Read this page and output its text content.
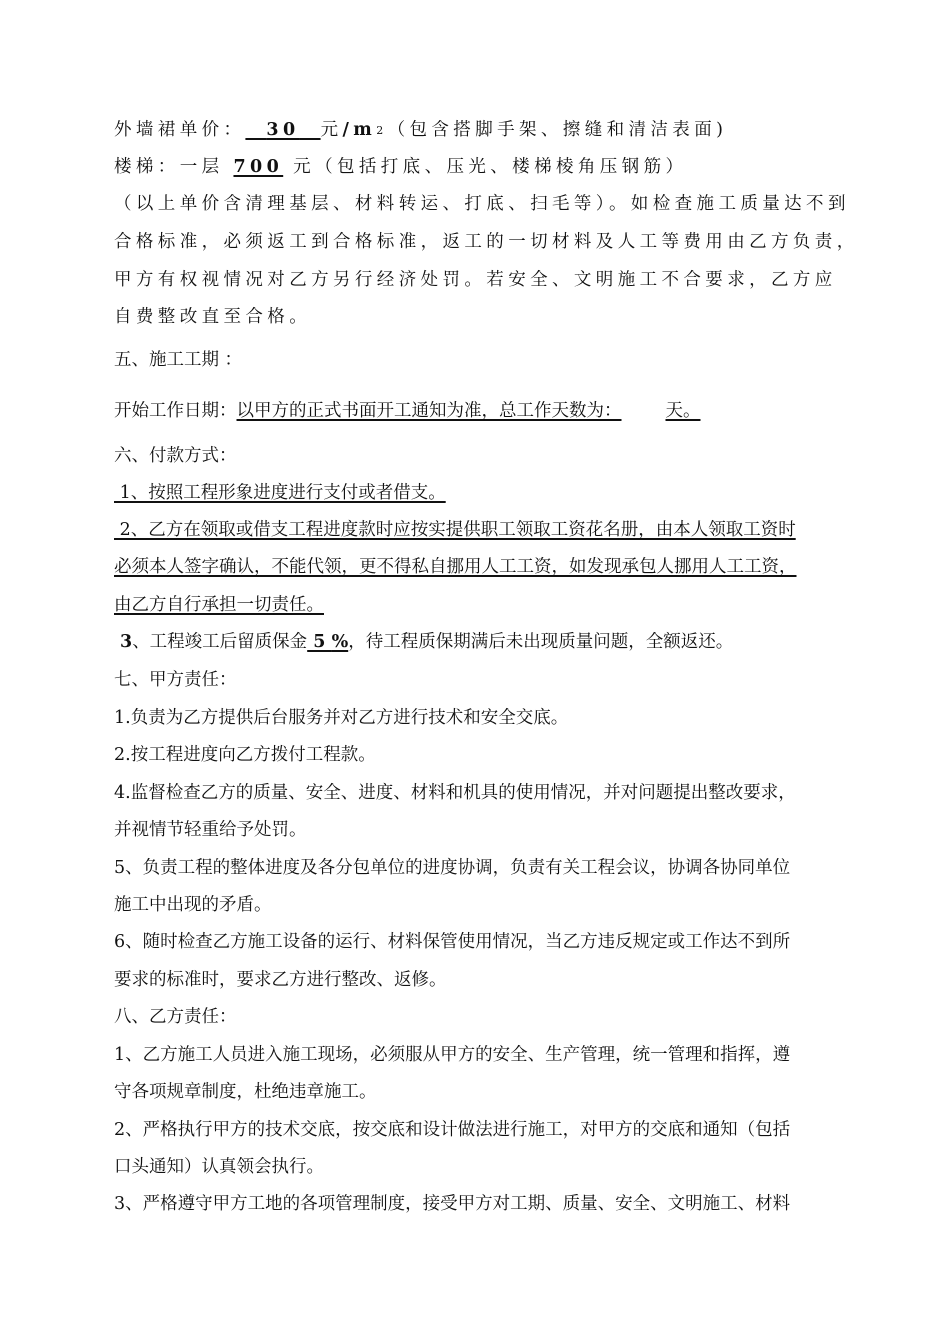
外墙裙单价： 30 元/m2（包含搭脚手架、擦缝和清洁表面)
楼梯：一层 700 元（包括打底、压光、楼梯棱角压钢筋）
（以上单价含清理基层、材料转运、打底、扫毛等）。如检查施工质量达不到
合格标准，必须返工到合格标准，返工的一切材料及人工等费用由乙方负责，
甲方有权视情况对乙方另行经济处罚。若安全、文明施工不合要求，乙方应
自费整改直至合格。
五、施工工期 ：
开始工作日期：以甲方的正式书面开工通知为准，总工作天数为：	天。
六、付款方式：
1、按照工程形象进度进行支付或者借支。
2、乙方在领取或借支工程进度款时应按实提供职工领取工资花名册，由本人领取工资时
必须本人签字确认，不能代领，更不得私自挪用人工工资，如发现承包人挪用人工工资，
由乙方自行承担一切责任。
3、工程竣工后留质保金 5 %，待工程质保期满后未出现质量问题，全额返还。
七、甲方责任：
1.负责为乙方提供后台服务并对乙方进行技术和安全交底。
2.按工程进度向乙方拨付工程款。
4.监督检查乙方的质量、安全、进度、材料和机具的使用情况，并对问题提出整改要求，
并视情节轻重给予处罚。
5、负责工程的整体进度及各分包单位的进度协调，负责有关工程会议，协调各协同单位
施工中出现的矛盾。
6、随时检查乙方施工设备的运行、材料保管使用情况，当乙方违反规定或工作达不到所
要求的标准时，要求乙方进行整改、返修。
八、乙方责任：
1、乙方施工人员进入施工现场，必须服从甲方的安全、生产管理，统一管理和指挥，遵
守各项规章制度，杜绝违章施工。
2、严格执行甲方的技术交底，按交底和设计做法进行施工，对甲方的交底和通知（包括
口头通知）认真领会执行。
3、严格遵守甲方工地的各项管理制度，接受甲方对工期、质量、安全、文明施工、材料
